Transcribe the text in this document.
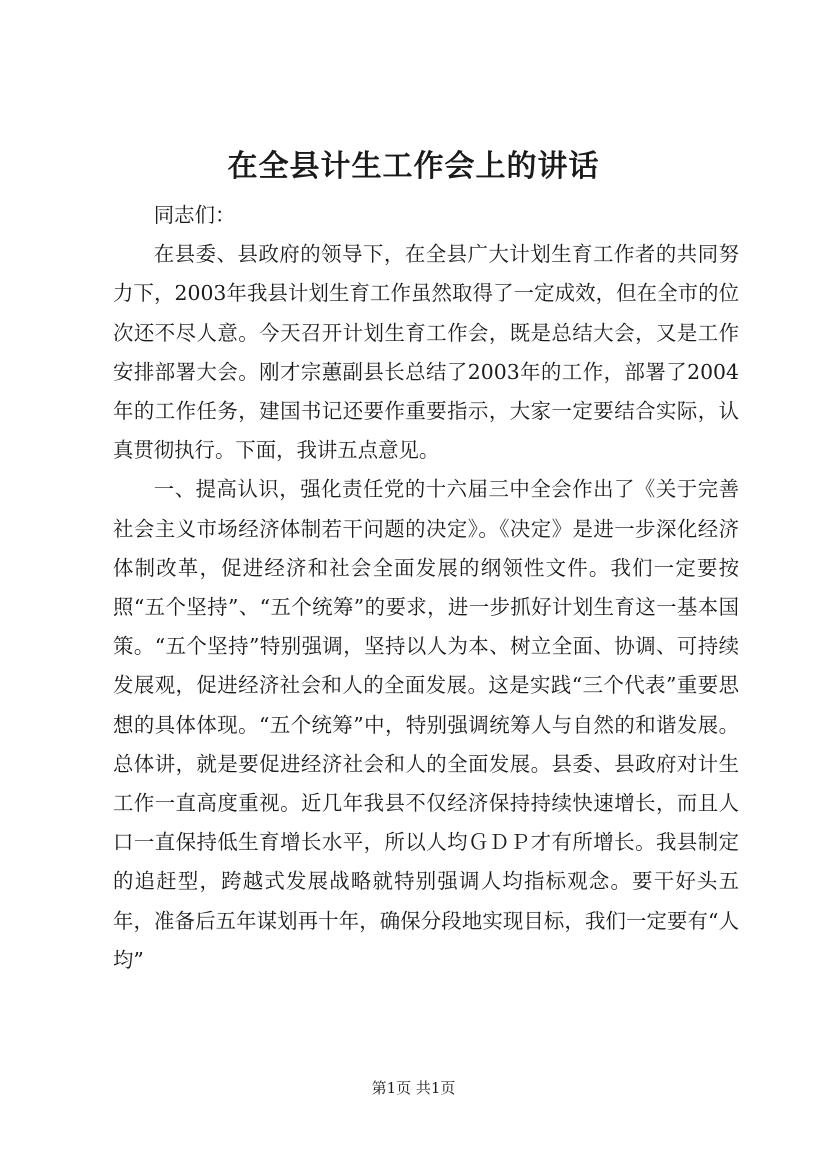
在全县计生工作会上的讲话

同志们：

在县委、县政府的领导下，在全县广大计划生育工作者的共同努力下，2003年我县计划生育工作虽然取得了一定成效，但在全市的位次还不尽人意。今天召开计划生育工作会，既是总结大会，又是工作安排部署大会。刚才宗蕙副县长总结了2003年的工作，部署了2004年的工作任务，建国书记还要作重要指示，大家一定要结合实际，认真贯彻执行。下面，我讲五点意见。

一、提高认识，强化责任党的十六届三中全会作出了《关于完善社会主义市场经济体制若干问题的决定》。《决定》是进一步深化经济体制改革，促进经济和社会全面发展的纲领性文件。我们一定要按照“五个坚持”、“五个统筹”的要求，进一步抓好计划生育这一基本国策。“五个坚持”特别强调，坚持以人为本、树立全面、协调、可持续发展观，促进经济社会和人的全面发展。这是实践“三个代表”重要思想的具体体现。“五个统筹”中，特别强调统筹人与自然的和谐发展。总体讲，就是要促进经济社会和人的全面发展。县委、县政府对计生工作一直高度重视。近几年我县不仅经济保持持续快速增长，而且人口一直保持低生育增长水平，所以人均ＧＤＰ才有所增长。我县制定的追赶型，跨越式发展战略就特别强调人均指标观念。要干好头五年，准备后五年谋划再十年，确保分段地实现目标，我们一定要有“人均”

第1页 共1页
